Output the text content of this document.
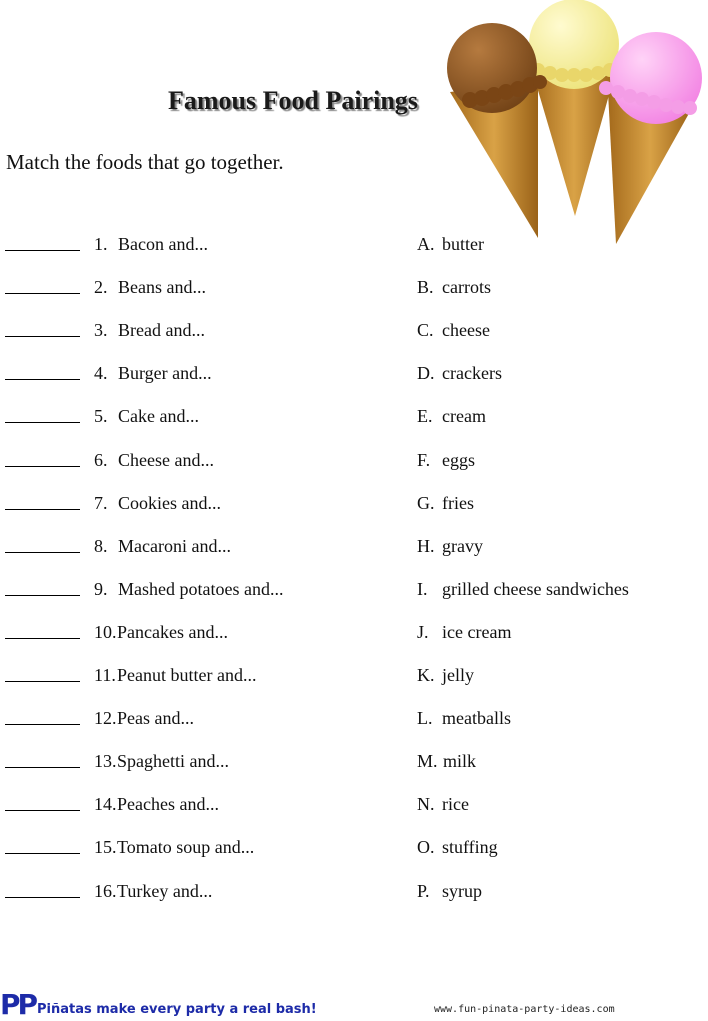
Famous Food Pairings
Match the foods that go together.
1. Bacon and...	A. butter
2. Beans and...	B. carrots
3. Bread and...	C. cheese
4. Burger and...	D. crackers
5. Cake and...	E. cream
6. Cheese and...	F. eggs
7. Cookies and...	G. fries
8. Macaroni and...	H. gravy
9. Mashed potatoes and...	I. grilled cheese sandwiches
10. Pancakes and...	J. ice cream
11. Peanut butter and...	K. jelly
12. Peas and...	L. meatballs
13. Spaghetti and...	M. milk
14. Peaches and...	N. rice
15. Tomato soup and...	O. stuffing
16. Turkey and...	P. syrup
PP Piñatas make every party a real bash!	www.fun-pinata-party-ideas.com
